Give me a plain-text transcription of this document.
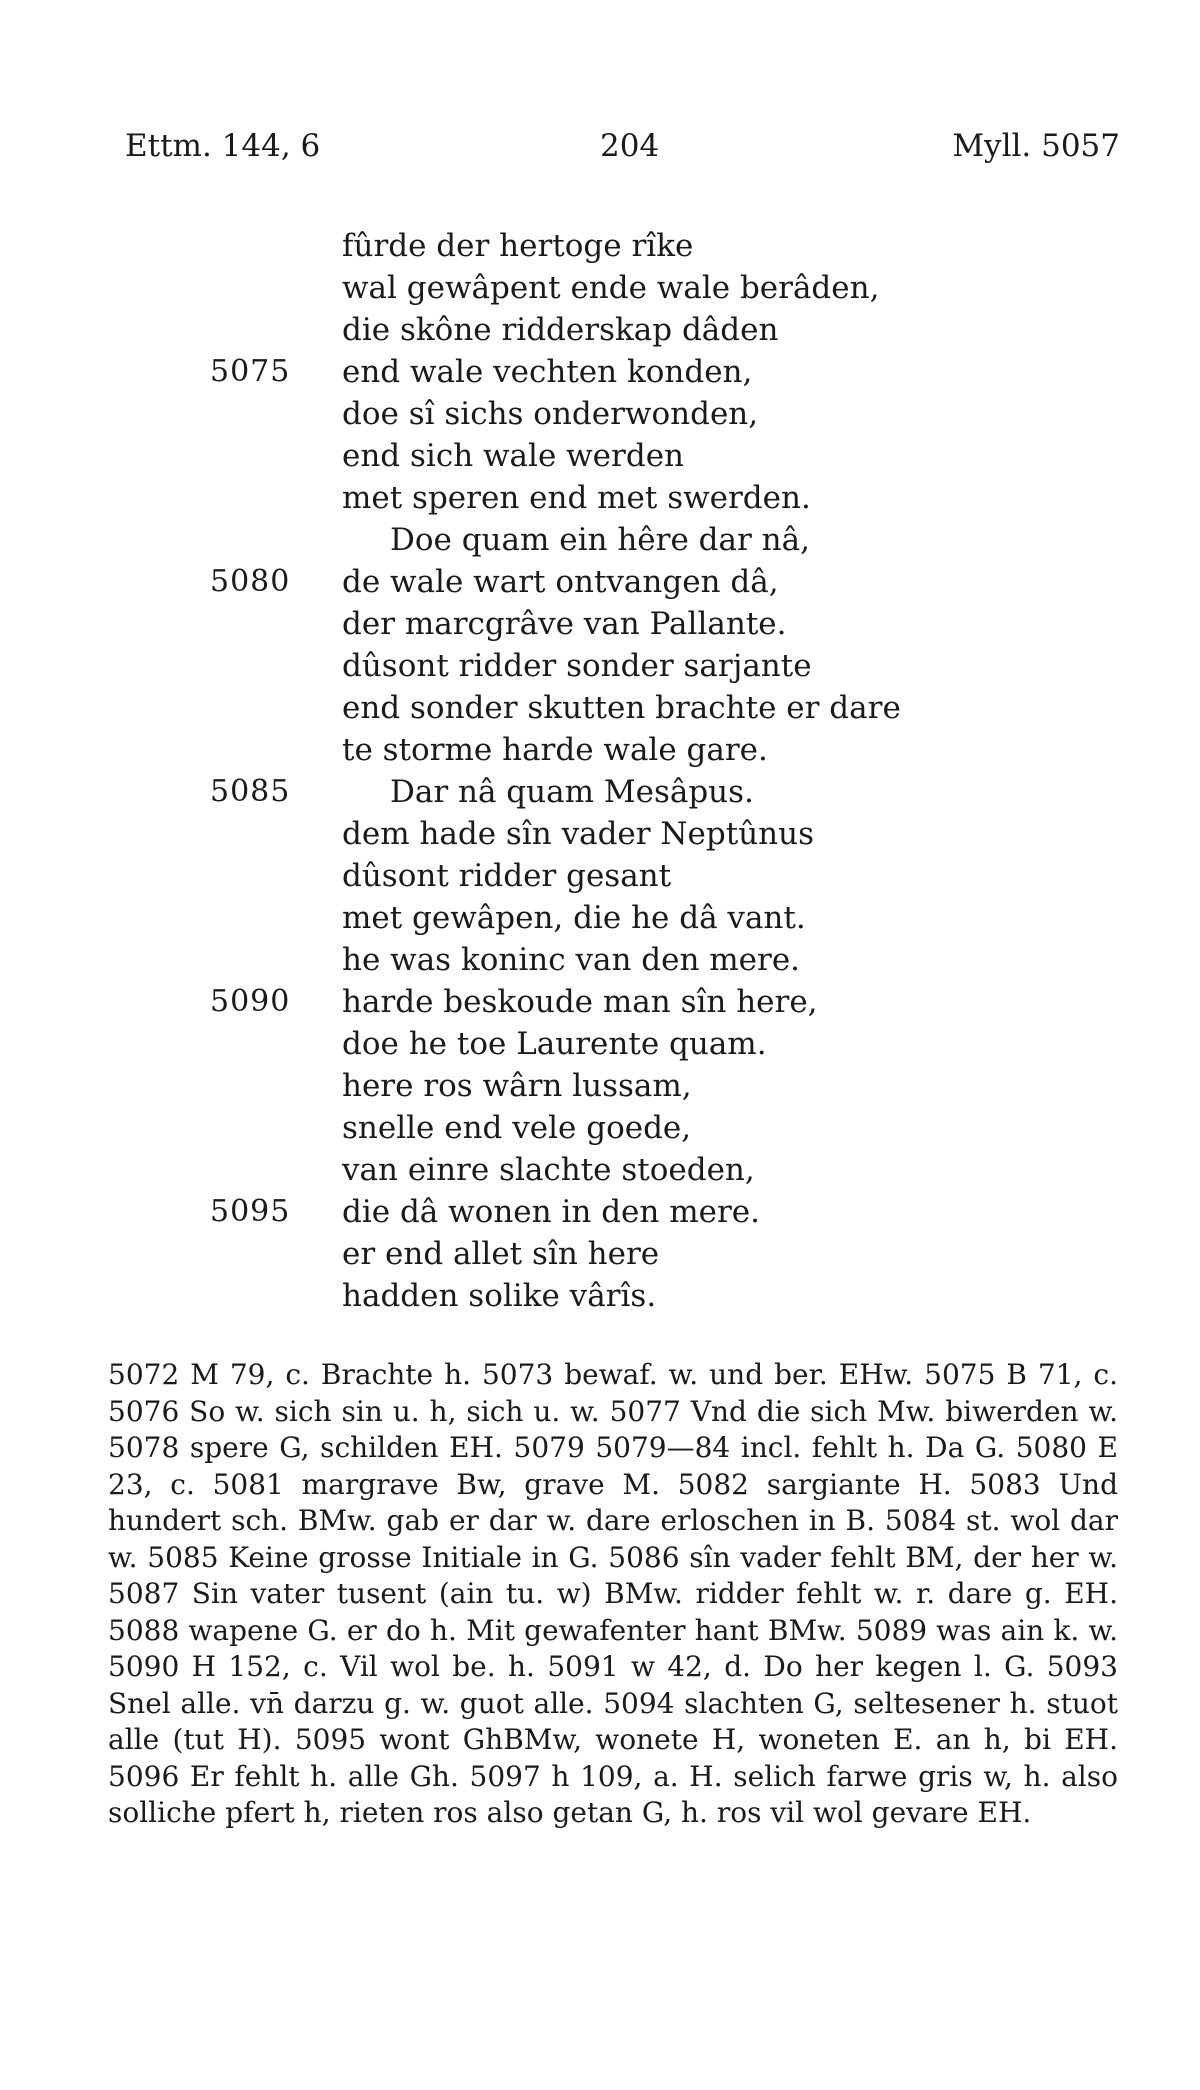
Ettm. 144, 6	204	Myll. 5057
fûrde der hertoge rîke
wal gewâpent ende wale berâden,
die skône ridderskap dâden
5075 end wale vechten konden,
doe sî sichs onderwonden,
end sich wale werden
met speren end met swerden.
Doe quam ein hêre dar nâ,
5080 de wale wart ontvangen dâ,
der marcgrâve van Pallante.
dûsont ridder sonder sarjante
end sonder skutten brachte er dare
te storme harde wale gare.
5085	Dar nâ quam Mesâpus.
dem hade sîn vader Neptûnus
dûsont ridder gesant
met gewâpen, die he dâ vant.
he was koninc van den mere.
5090 harde beskoude man sîn here,
doe he toe Laurente quam.
here ros wârn lussam,
snelle end vele goede,
van einre slachte stoeden,
5095 die dâ wonen in den mere.
er end allet sîn here
hadden solike vârîs.

5072 M 79, c. Brachte h. 5073 bewaf. w. und ber. EHw. 5075 B 71, c. 5076 So w. sich sin u. h, sich u. w. 5077 Vnd die sich Mw. biwerden w. 5078 spere G, schilden EH. 5079 5079—84 incl. fehlt h. Da G. 5080 E 23, c. 5081 margrave Bw, grave M. 5082 sargiante H. 5083 Und hundert sch. BMw. gab er dar w. dare erloschen in B. 5084 st. wol dar w. 5085 Keine grosse Initiale in G. 5086 sîn vader fehlt BM, der her w. 5087 Sin vater tusent (ain tu. w) BMw. ridder fehlt w. r. dare g. EH. 5088 wapene G. er do h. Mit gewafenter hant BMw. 5089 was ain k. w. 5090 H 152, c. Vil wol be. h. 5091 w 42, d. Do her kegen l. G. 5093 Snel alle. vn̄ darzu g. w. guot alle. 5094 slachten G, seltesener h. stuot alle (tut H). 5095 wont GhBMw, wonete H, woneten E. an h, bi EH. 5096 Er fehlt h. alle Gh. 5097 h 109, a. H. selich farwe gris w, h. also solliche pfert h, rieten ros also getan G, h. ros vil wol gevare EH.
